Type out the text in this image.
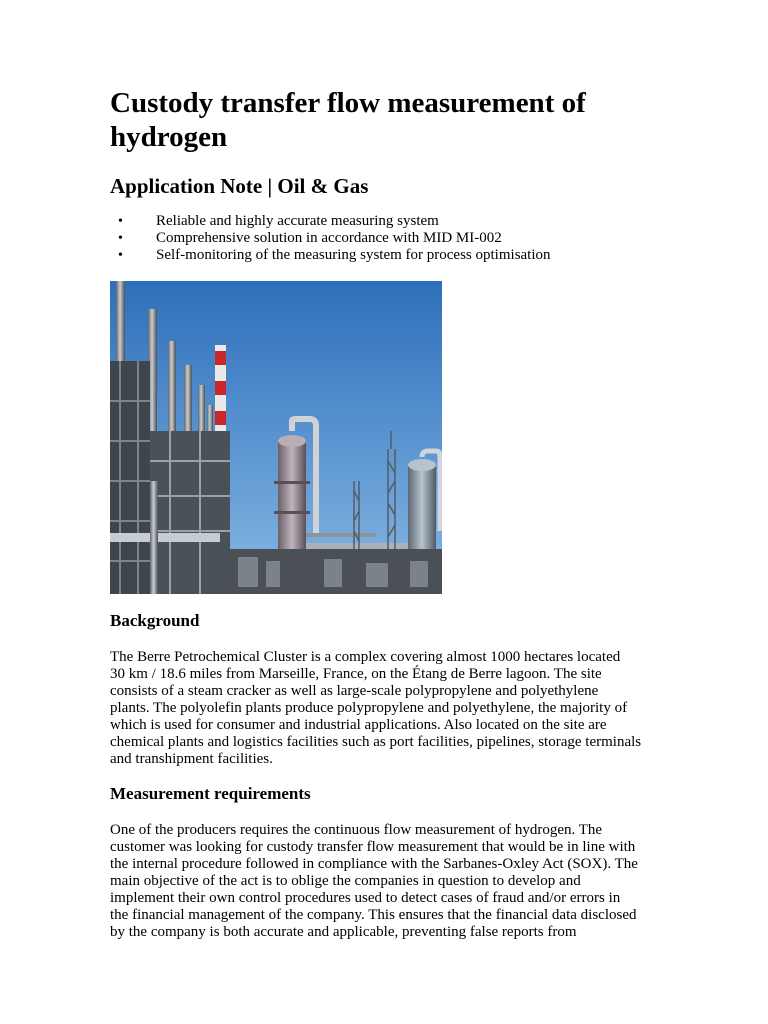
Custody transfer flow measurement of hydrogen
Application Note | Oil & Gas
• Reliable and highly accurate measuring system
• Comprehensive solution in accordance with MID MI-002
• Self-monitoring of the measuring system for process optimisation
Background

The Berre Petrochemical Cluster is a complex covering almost 1000 hectares located
30 km / 18.6 miles from Marseille, France, on the Étang de Berre lagoon. The site
consists of a steam cracker as well as large-scale polypropylene and polyethylene
plants. The polyolefin plants produce polypropylene and polyethylene, the majority of
which is used for consumer and industrial applications. Also located on the site are
chemical plants and logistics facilities such as port facilities, pipelines, storage terminals
and transhipment facilities.

Measurement requirements

One of the producers requires the continuous flow measurement of hydrogen. The
customer was looking for custody transfer flow measurement that would be in line with
the internal procedure followed in compliance with the Sarbanes-Oxley Act (SOX). The
main objective of the act is to oblige the companies in question to develop and
implement their own control procedures used to detect cases of fraud and/or errors in
the financial management of the company. This ensures that the financial data disclosed
by the company is both accurate and applicable, preventing false reports from
